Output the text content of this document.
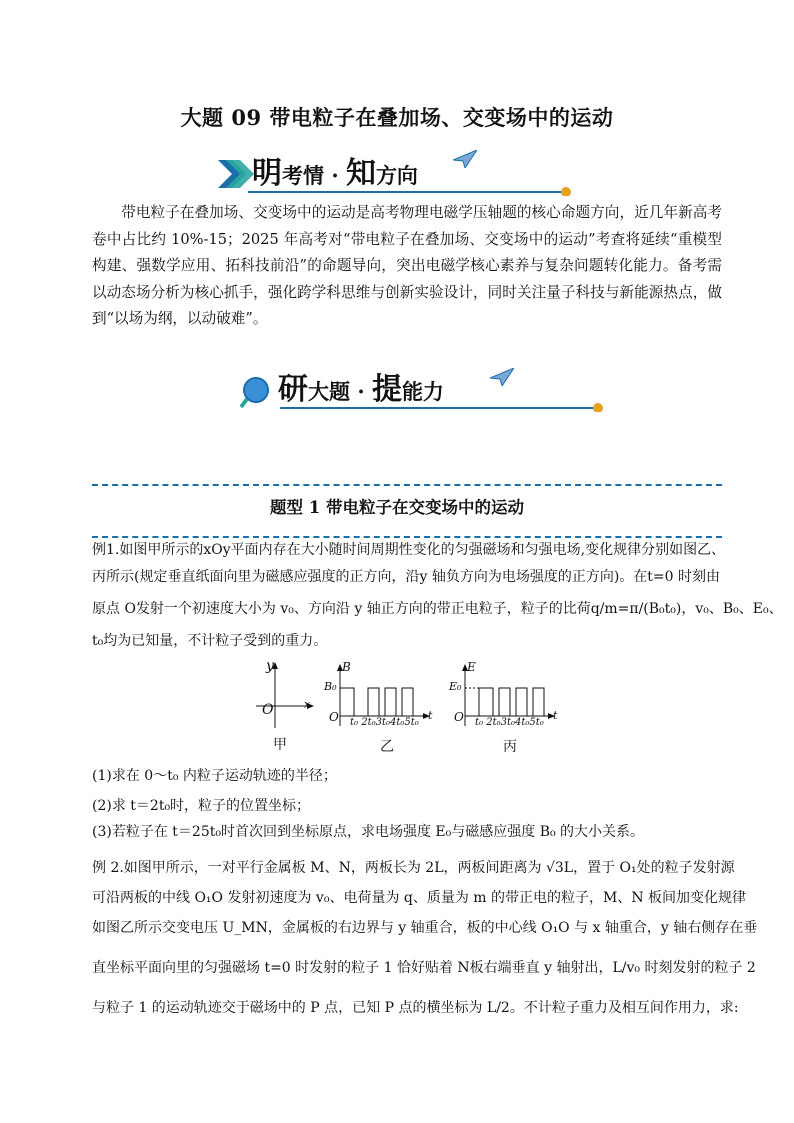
大题 09 带电粒子在叠加场、交变场中的运动
明考情 · 知方向
带电粒子在叠加场、交变场中的运动是高考物理电磁学压轴题的核心命题方向，近几年新高考卷中占比约 10%-15；2025 年高考对“带电粒子在叠加场、交变场中的运动”考查将延续“重模型构建、强数学应用、拓科技前沿”的命题导向，突出电磁学核心素养与复杂问题转化能力。备考需以动态场分析为核心抓手，强化跨学科思维与创新实验设计，同时关注量子科技与新能源热点，做到“以场为纲，以动破难”。
研大题 · 提能力
题型 1 带电粒子在交变场中的运动
例1.如图甲所示的xOy平面内存在大小随时间周期性变化的匀强磁场和匀强电场,变化规律分别如图乙、
丙所示(规定垂直纸面向里为磁感应强度的正方向，沿y 轴负方向为电场强度的正方向)。在t=0 时刻由
原点 O发射一个初速度大小为 v₀、方向沿 y 轴正方向的带正电粒子，粒子的比荷q/m=π/(B₀t₀)，v₀、B₀、E₀、
t₀均为已知量，不计粒子受到的重力。
y
x
O
甲
B
B₀
O	t
t₀ 2t₀3t₀4t₀5t₀
乙
E
E₀
O	t
t₀ 2t₀3t₀4t₀5t₀
丙
(1)求在 0～t₀ 内粒子运动轨迹的半径；
(2)求 t＝2t₀时，粒子的位置坐标；
(3)若粒子在 t＝25t₀时首次回到坐标原点，求电场强度 E₀与磁感应强度 B₀ 的大小关系。
例 2.如图甲所示，一对平行金属板 M、N，两板长为 2L，两板间距离为 √3L，置于 O₁处的粒子发射源
可沿两板的中线 O₁O 发射初速度为 v₀、电荷量为 q、质量为 m 的带正电的粒子，M、N 板间加变化规律
如图乙所示交变电压 U_MN，金属板的右边界与 y 轴重合，板的中心线 O₁O 与 x 轴重合，y 轴右侧存在垂
直坐标平面向里的匀强磁场 t=0 时发射的粒子 1 恰好贴着 N板右端垂直 y 轴射出，L/v₀ 时刻发射的粒子 2
与粒子 1 的运动轨迹交于磁场中的 P 点，已知 P 点的横坐标为 L/2。不计粒子重力及相互间作用力，求:
